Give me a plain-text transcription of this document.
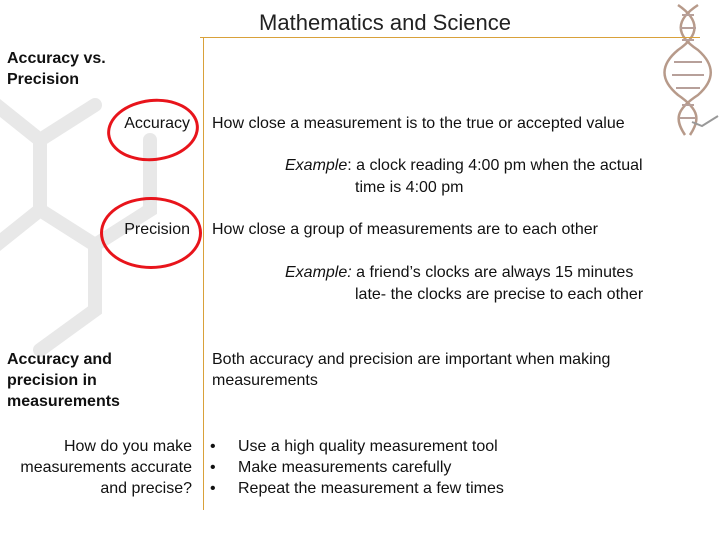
Mathematics and Science
Accuracy vs. Precision
Accuracy How close a measurement is to the true or accepted value
Example: a clock reading 4:00 pm when the actual
time is 4:00 pm
Precision How close a group of measurements are to each other
Example: a friend’s clocks are always 15 minutes
late- the clocks are precise to each other
Accuracy and precision in measurements
Both accuracy and precision are important when making measurements
How do you make measurements accurate and precise?
• Use a high quality measurement tool
• Make measurements carefully
• Repeat the measurement a few times
